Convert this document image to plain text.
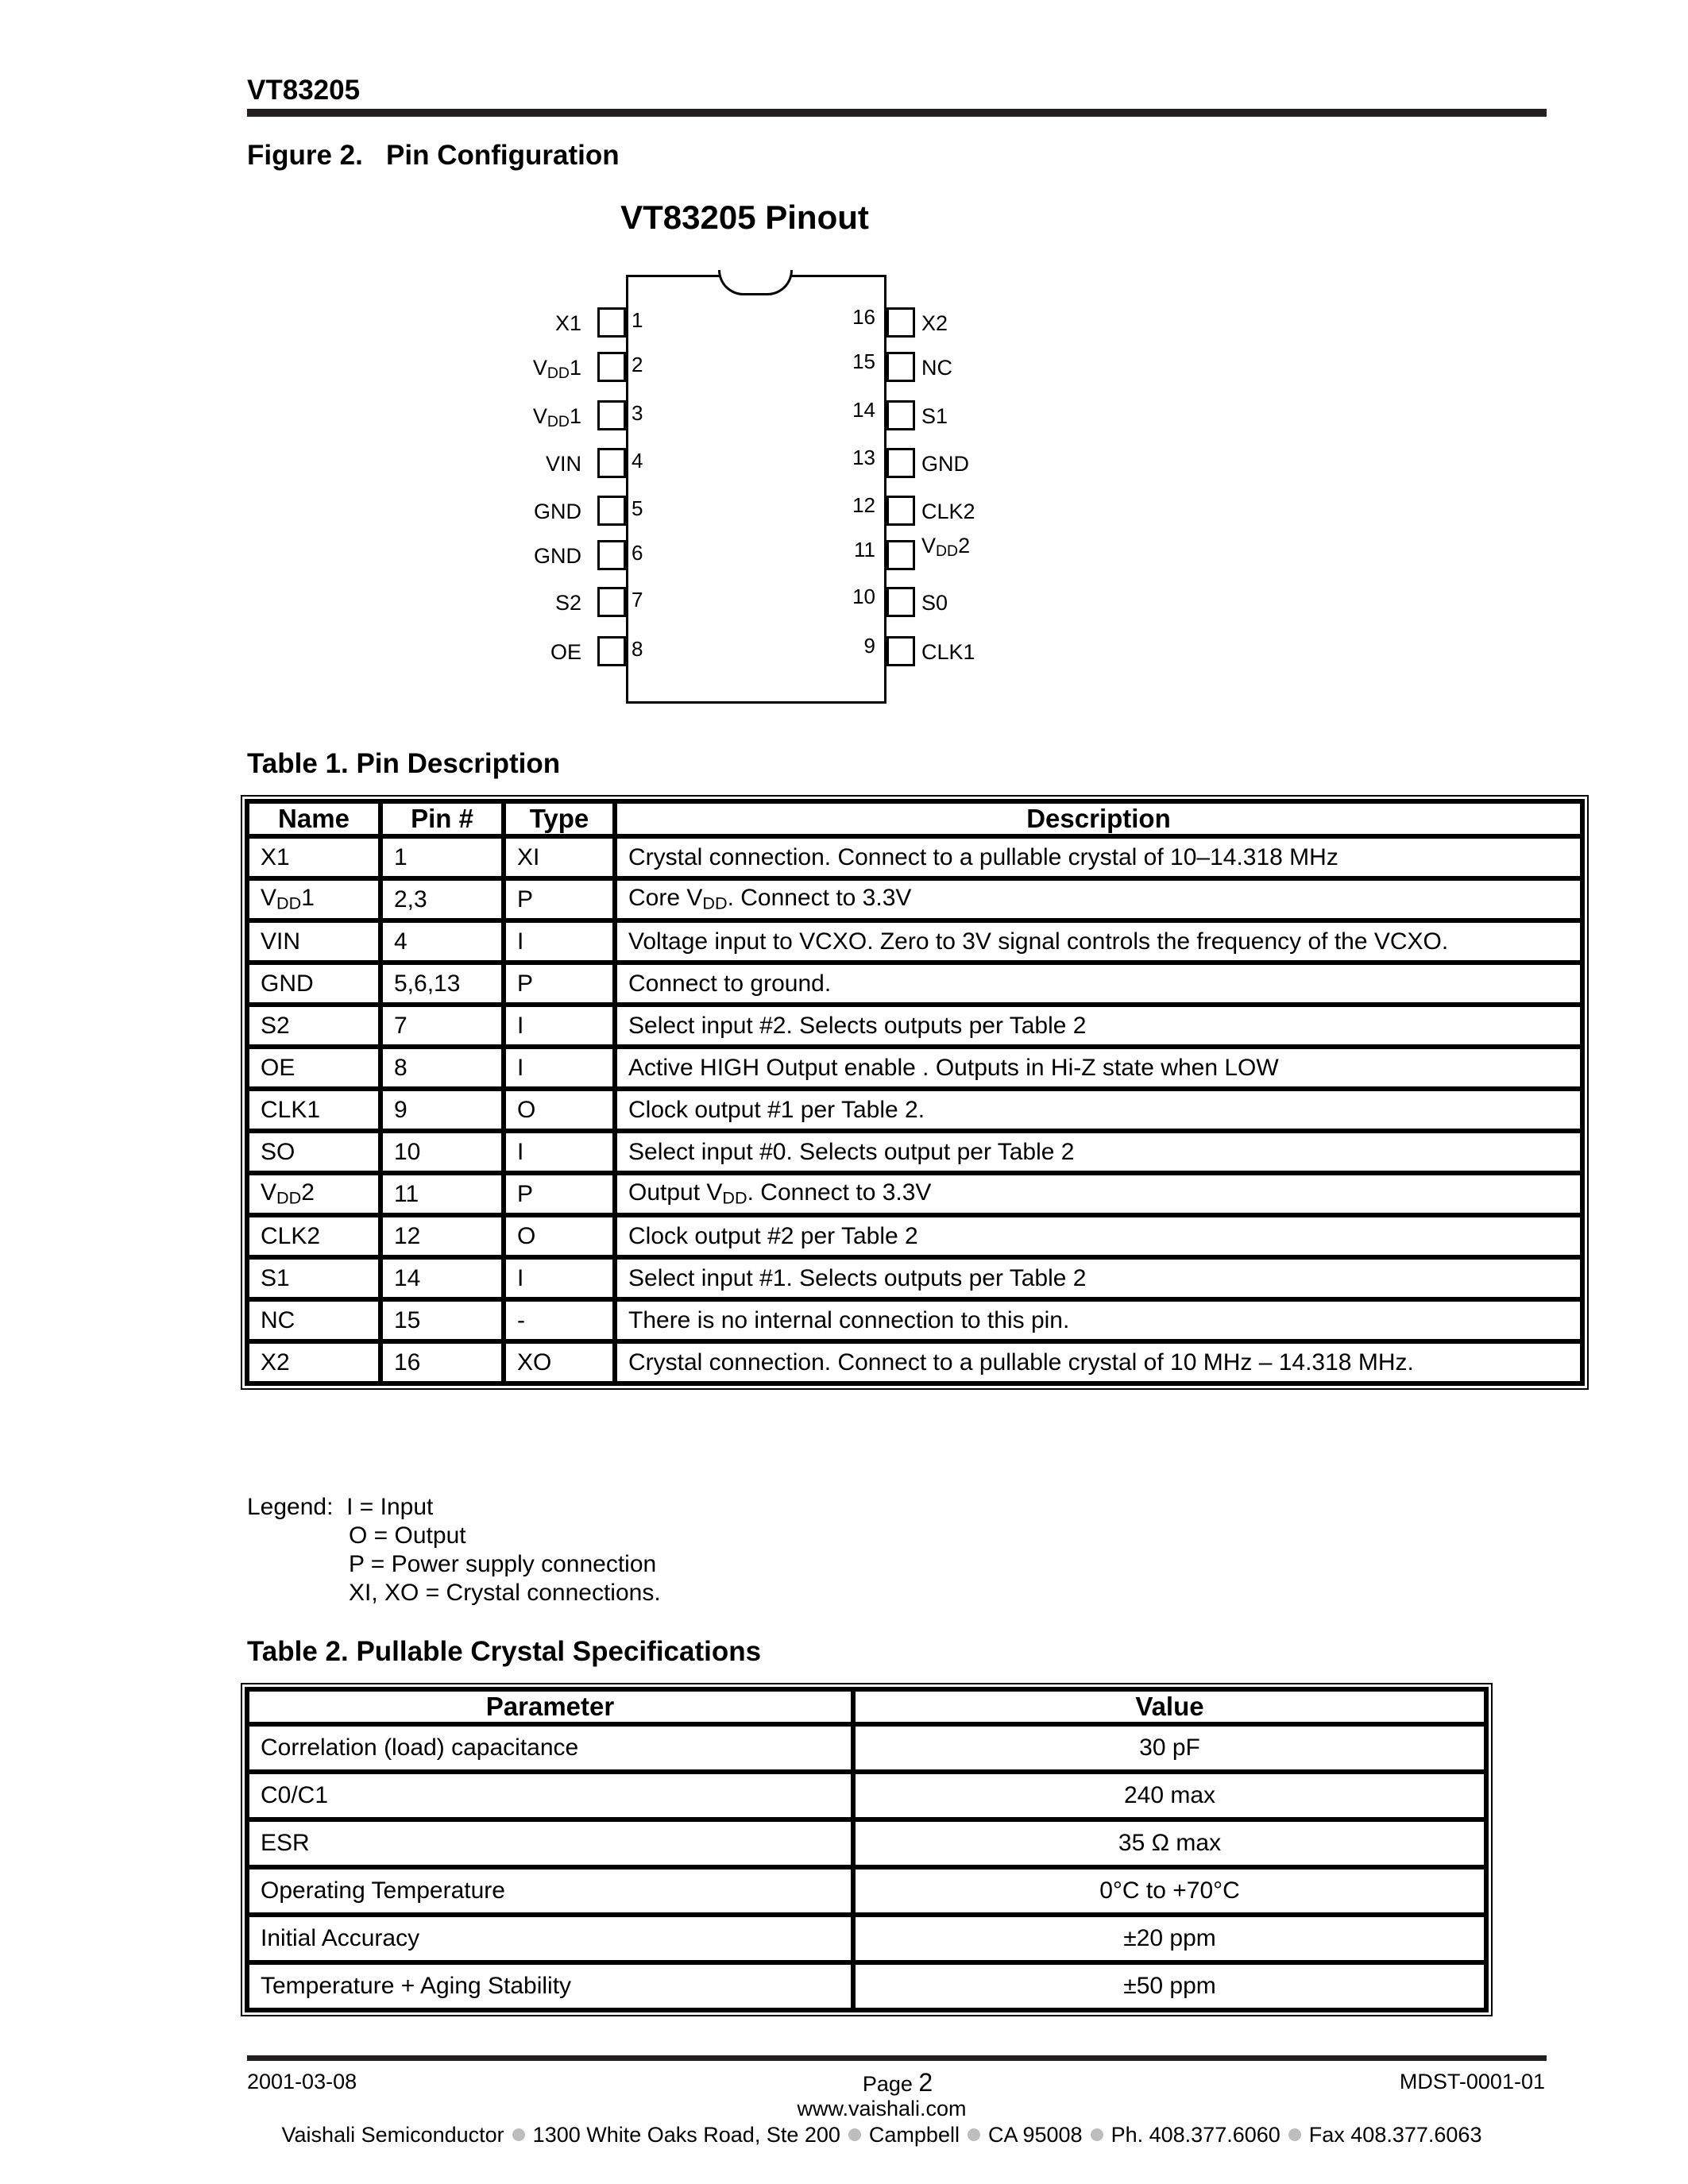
VT83205
Figure 2.   Pin Configuration
VT83205 Pinout
1
X1
2
VDD1
3
VDD1
4
VIN
5
GND
6
GND
7
S2
8
OE
16 X2
15 NC
14 S1
13 GND
12 CLK2
11 VDD2
10 S0
9 CLK1
Table 1. Pin Description
Name	Pin #	Type	Description
X1	1	XI	Crystal connection. Connect to a pullable crystal of 10–14.318 MHz
$V_{DD}1$	2,3	P	Core $V_{DD}$. Connect to 3.3V
VIN	4	I	Voltage input to VCXO. Zero to 3V signal controls the frequency of the VCXO.
GND	5,6,13	P	Connect to ground.
S2	7	I	Select input #2. Selects outputs per Table 2
OE	8	I	Active HIGH Output enable . Outputs in Hi-Z state when LOW
CLK1	9	O	Clock output #1 per Table 2.
SO	10	I	Select input #0. Selects output per Table 2
$V_{DD}2$	11	P	Output $V_{DD}$. Connect to 3.3V
CLK2	12	O	Clock output #2 per Table 2
S1	14	I	Select input #1. Selects outputs per Table 2
NC	15	-	There is no internal connection to this pin.
X2	16	XO	Crystal connection. Connect to a pullable crystal of 10 MHz – 14.318 MHz.
Legend: I = Input
O = Output
P = Power supply connection
XI, XO = Crystal connections.
Table 2. Pullable Crystal Specifications
Parameter	Value
Correlation (load) capacitance	30 pF
C0/C1	240 max
ESR	35 Ω max
Operating Temperature	0°C to +70°C
Initial Accuracy	±20 ppm
Temperature + Aging Stability	±50 ppm
2001-03-08	Page 2	MDST-0001-01
www.vaishali.com
Vaishali Semiconductor 1300 White Oaks Road, Ste 200 Campbell CA 95008 Ph. 408.377.6060 Fax 408.377.6063
